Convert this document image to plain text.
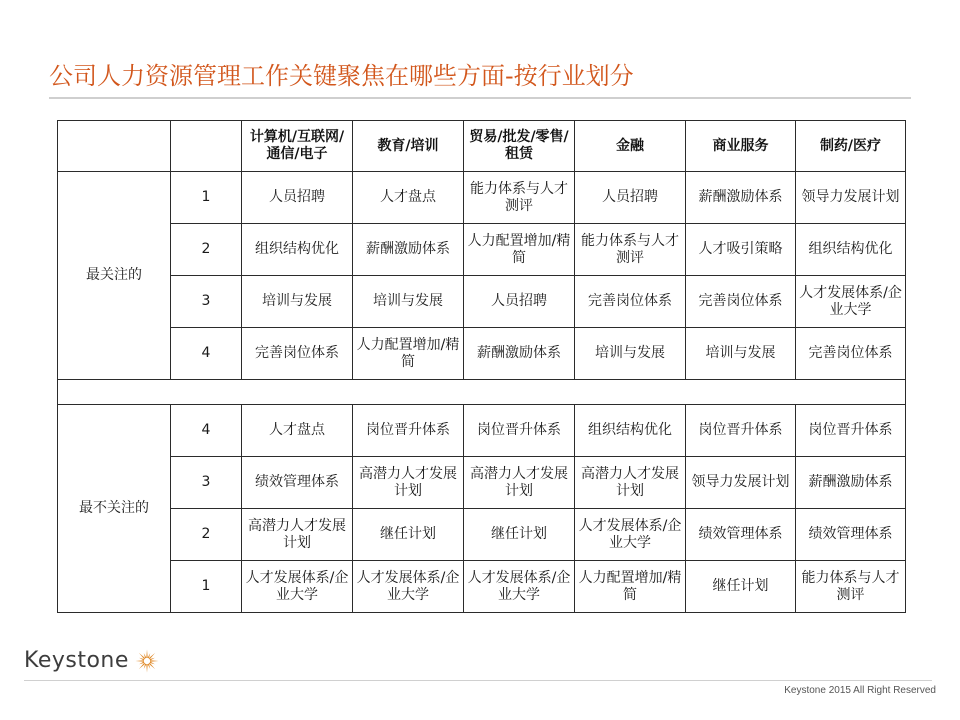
公司人力资源管理工作关键聚焦在哪些方面-按行业划分
		计算机/互联网/通信/电子	教育/培训	贸易/批发/零售/租赁	金融	商业服务	制药/医疗
最关注的	1	人员招聘	人才盘点	能力体系与人才测评	人员招聘	薪酬激励体系	领导力发展计划
	2	组织结构优化	薪酬激励体系	人力配置增加/精简	能力体系与人才测评	人才吸引策略	组织结构优化
	3	培训与发展	培训与发展	人员招聘	完善岗位体系	完善岗位体系	人才发展体系/企业大学
	4	完善岗位体系	人力配置增加/精简	薪酬激励体系	培训与发展	培训与发展	完善岗位体系

最不关注的	4	人才盘点	岗位晋升体系	岗位晋升体系	组织结构优化	岗位晋升体系	岗位晋升体系
	3	绩效管理体系	高潜力人才发展计划	高潜力人才发展计划	高潜力人才发展计划	领导力发展计划	薪酬激励体系
	2	高潜力人才发展计划	继任计划	继任计划	人才发展体系/企业大学	绩效管理体系	绩效管理体系
	1	人才发展体系/企业大学	人才发展体系/企业大学	人才发展体系/企业大学	人力配置增加/精简	继任计划	能力体系与人才测评
Keystone
Keystone 2015 All Right Reserved
